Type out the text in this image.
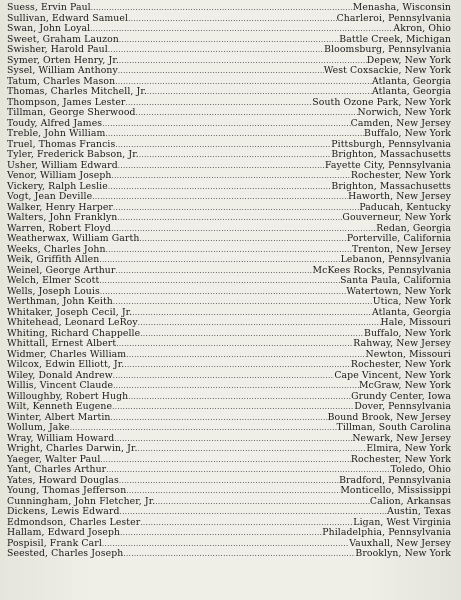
Suess, Ervin Paul .....	Menasha, Wisconsin
Sullivan, Edward Samuel .....	Charleroi, Pennsylvania
Swan, John Loyal .....	Akron, Ohio
Sweet, Graham Lauzon .....	Battle Creek, Michigan
Swisher, Harold Paul .....	Bloomsburg, Pennsylvania
Symer, Orten Henry, Jr. .....	Depew, New York
Sysel, William Anthony .....	West Coxsackie, New York
Tatum, Charles Mason .....	Atlanta, Georgia
Thomas, Charles Mitchell, Jr. .....	Atlanta, Georgia
Thompson, James Lester .....	South Ozone Park, New York
Tillman, George Sherwood .....	Norwich, New York
Toudy, Alfred James .....	Camden, New Jersey
Treble, John William .....	Buffalo, New York
Truel, Thomas Francis .....	Pittsburgh, Pennsylvania
Tyler, Frederick Babson, Jr. .....	Brighton, Massachusetts
Usher, William Edward .....	Fayette City, Pennsylvania
Venor, William Joseph .....	Rochester, New York
Vickery, Ralph Leslie .....	Brighton, Massachusetts
Vogt, Jean Deville .....	Haworth, New Jersey
Walker, Henry Harper .....	Paducah, Kentucky
Walters, John Franklyn .....	Gouverneur, New York
Warren, Robert Floyd .....	Redan, Georgia
Weatherwax, William Garth .....	Porterville, California
Weeks, Charles John .....	Trenton, New Jersey
Weik, Griffith Allen .....	Lebanon, Pennsylvania
Weinel, George Arthur .....	McKees Rocks, Pennsylvania
Welch, Elmer Scott .....	Santa Paula, California
Wells, Joseph Louis .....	Watertown, New York
Werthman, John Keith .....	Utica, New York
Whitaker, Joseph Cecil, Jr. .....	Atlanta, Georgia
Whitehead, Leonard LeRoy .....	Hale, Missouri
Whiting, Richard Chappelle .....	Buffalo, New York
Whittall, Ernest Albert .....	Rahway, New Jersey
Widmer, Charles William .....	Newton, Missouri
Wilcox, Edwin Elliott, Jr. .....	Rochester, New York
Wiley, Donald Andrew .....	Cape Vincent, New York
Willis, Vincent Claude .....	McGraw, New York
Willoughby, Robert Hugh .....	Grundy Center, Iowa
Wilt, Kenneth Eugene .....	Dover, Pennsylvania
Winter, Albert Martin .....	Bound Brook, New Jersey
Wollum, Jake .....	Tillman, South Carolina
Wray, William Howard .....	Newark, New Jersey
Wright, Charles Darwin, Jr. .....	Elmira, New York
Yaeger, Walter Paul .....	Rochester, New York
Yant, Charles Arthur .....	Toledo, Ohio
Yates, Howard Douglas .....	Bradford, Pennsylvania
Young, Thomas Jefferson .....	Monticello, Mississippi
Cunningham, John Fletcher, Jr. .....	Calion, Arkansas
Dickens, Lewis Edward .....	Austin, Texas
Edmondson, Charles Lester .....	Ligan, West Virginia
Hallam, Edward Joseph .....	Philadelphia, Pennsylvania
Pospisil, Frank Carl .....	Vauxhall, New Jersey
Seested, Charles Joseph .....	Brooklyn, New York
